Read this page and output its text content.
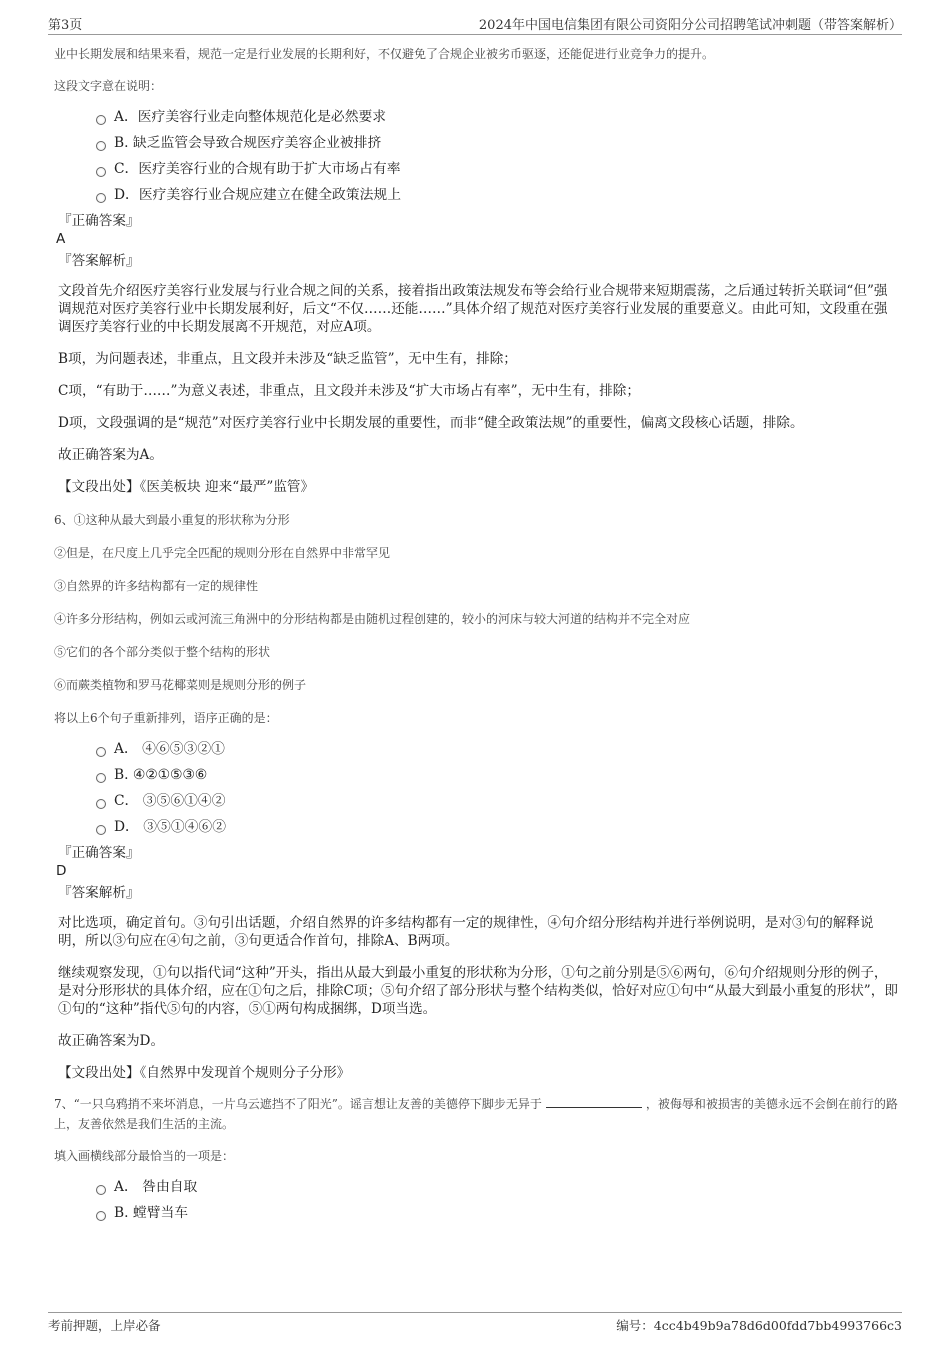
第3页	2024年中国电信集团有限公司资阳分公司招聘笔试冲刺题（带答案解析）

业中长期发展和结果来看，规范一定是行业发展的长期利好，不仅避免了合规企业被劣币驱逐，还能促进行业竞争力的提升。

这段文字意在说明：

A．医疗美容行业走向整体规范化是必然要求
B. 缺乏监管会导致合规医疗美容企业被排挤
C．医疗美容行业的合规有助于扩大市场占有率
D．医疗美容行业合规应建立在健全政策法规上

『正确答案』

A

『答案解析』

文段首先介绍医疗美容行业发展与行业合规之间的关系，接着指出政策法规发布等会给行业合规带来短期震荡，之后通过转折关联词“但”强调规范对医疗美容行业中长期发展利好，后文“不仅……还能……”具体介绍了规范对医疗美容行业发展的重要意义。由此可知，文段重在强调医疗美容行业的中长期发展离不开规范，对应A项。

B项，为问题表述，非重点，且文段并未涉及“缺乏监管”，无中生有，排除；

C项，“有助于……”为意义表述，非重点，且文段并未涉及“扩大市场占有率”，无中生有，排除；

D项，文段强调的是“规范”对医疗美容行业中长期发展的重要性，而非“健全政策法规”的重要性，偏离文段核心话题，排除。

故正确答案为A。

【文段出处】《医美板块 迎来“最严”监管》

6、①这种从最大到最小重复的形状称为分形

②但是，在尺度上几乎完全匹配的规则分形在自然界中非常罕见

③自然界的许多结构都有一定的规律性

④许多分形结构，例如云或河流三角洲中的分形结构都是由随机过程创建的，较小的河床与较大河道的结构并不完全对应

⑤它们的各个部分类似于整个结构的形状

⑥而蕨类植物和罗马花椰菜则是规则分形的例子

将以上6个句子重新排列，语序正确的是：

A． ④⑥⑤③②①
B. ④②①⑤③⑥
C． ③⑤⑥①④②
D． ③⑤①④⑥②

『正确答案』

D

『答案解析』

对比选项，确定首句。③句引出话题，介绍自然界的许多结构都有一定的规律性，④句介绍分形结构并进行举例说明，是对③句的解释说明，所以③句应在④句之前，③句更适合作首句，排除A、B两项。

继续观察发现，①句以指代词“这种”开头，指出从最大到最小重复的形状称为分形，①句之前分别是⑤⑥两句，⑥句介绍规则分形的例子，是对分形形状的具体介绍，应在①句之后，排除C项；⑤句介绍了部分形状与整个结构类似，恰好对应①句中“从最大到最小重复的形状”，即①句的“这种”指代⑤句的内容，⑤①两句构成捆绑，D项当选。

故正确答案为D。

【文段出处】《自然界中发现首个规则分子分形》

7、“一只乌鸦捎不来坏消息，一片乌云遮挡不了阳光”。谣言想让友善的美德停下脚步无异于	，被侮辱和被损害的美德永远不会倒在前行的路上，友善依然是我们生活的主流。

填入画横线部分最恰当的一项是：

A． 咎由自取
B. 螳臂当车
考前押题，上岸必备	编号：4cc4b49b9a78d6d00fdd7bb4993766c3
